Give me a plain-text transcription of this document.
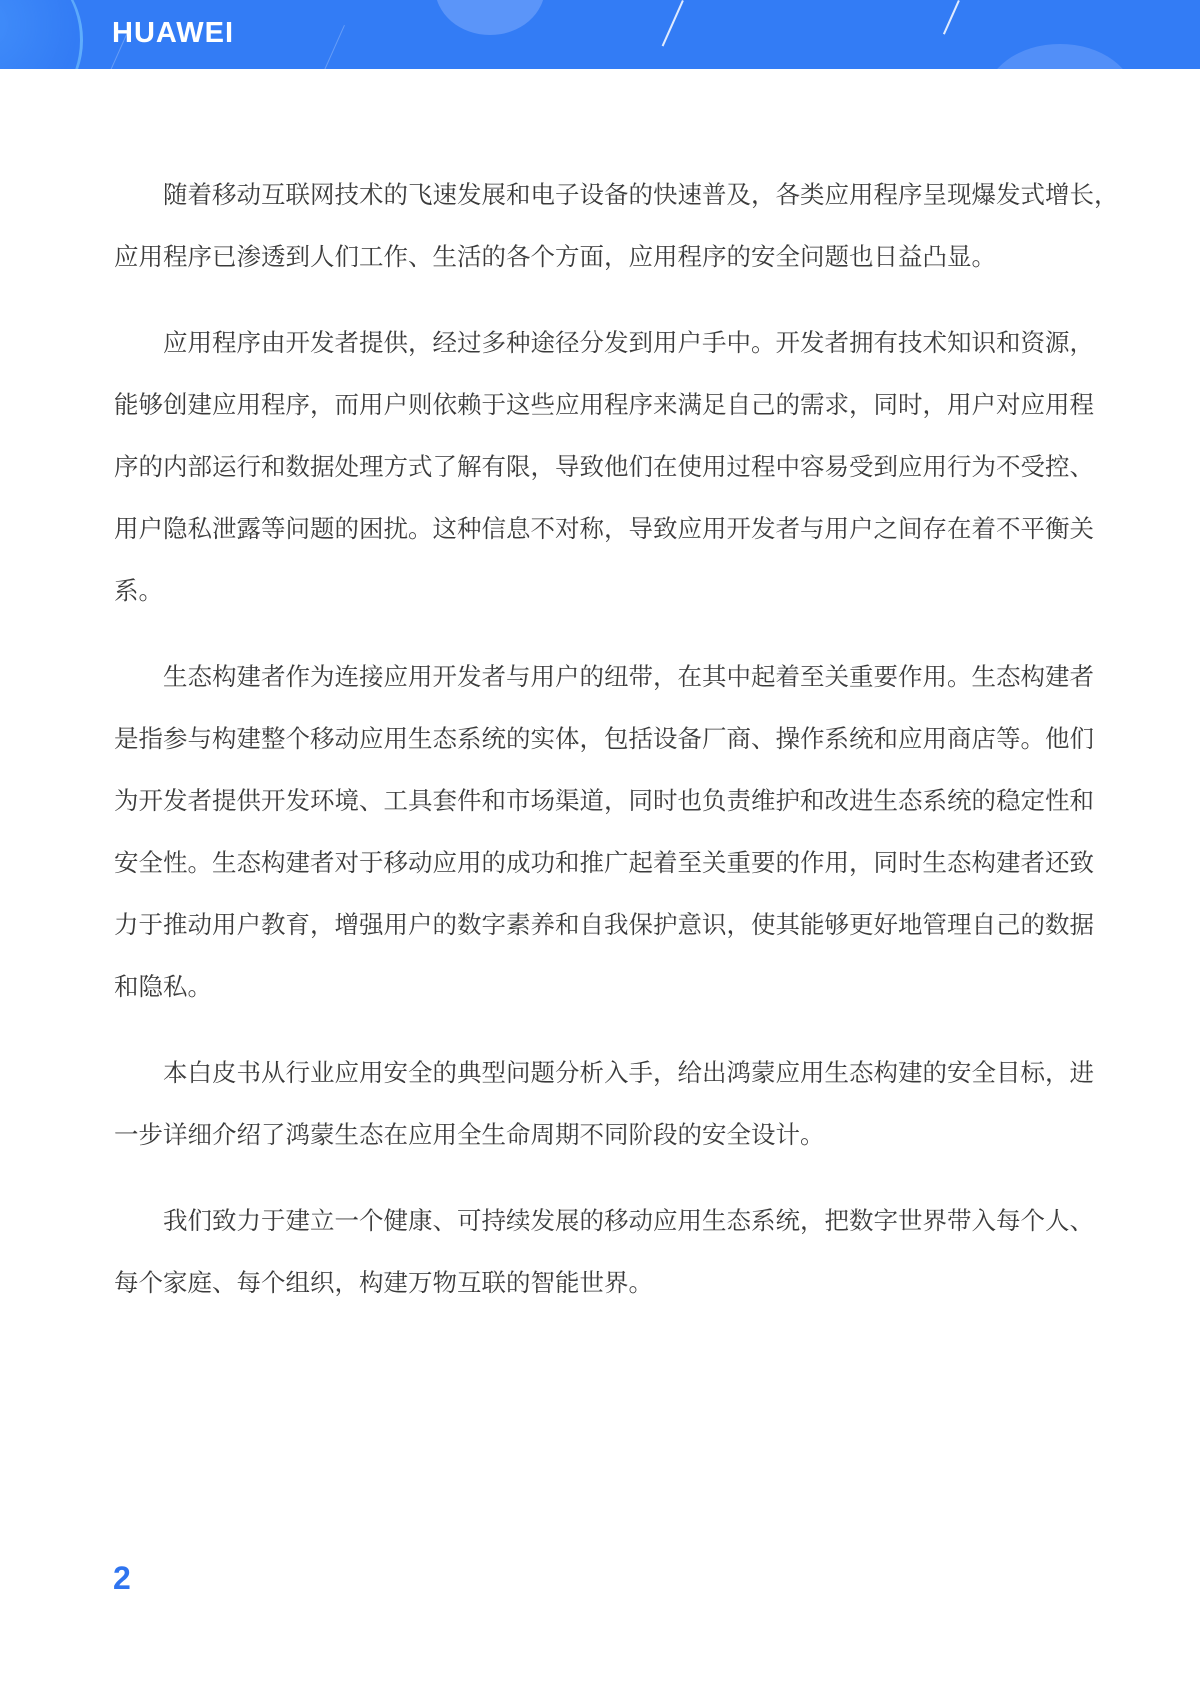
HUAWEI
随着移动互联网技术的飞速发展和电子设备的快速普及，各类应用程序呈现爆发式增长，
应用程序已渗透到人们工作、生活的各个方面，应用程序的安全问题也日益凸显。
应用程序由开发者提供，经过多种途径分发到用户手中。开发者拥有技术知识和资源，
能够创建应用程序，而用户则依赖于这些应用程序来满足自己的需求，同时，用户对应用程
序的内部运行和数据处理方式了解有限，导致他们在使用过程中容易受到应用行为不受控、
用户隐私泄露等问题的困扰。这种信息不对称，导致应用开发者与用户之间存在着不平衡关
系。
生态构建者作为连接应用开发者与用户的纽带，在其中起着至关重要作用。生态构建者
是指参与构建整个移动应用生态系统的实体，包括设备厂商、操作系统和应用商店等。他们
为开发者提供开发环境、工具套件和市场渠道，同时也负责维护和改进生态系统的稳定性和
安全性。生态构建者对于移动应用的成功和推广起着至关重要的作用，同时生态构建者还致
力于推动用户教育，增强用户的数字素养和自我保护意识，使其能够更好地管理自己的数据
和隐私。
本白皮书从行业应用安全的典型问题分析入手，给出鸿蒙应用生态构建的安全目标，进
一步详细介绍了鸿蒙生态在应用全生命周期不同阶段的安全设计。
我们致力于建立一个健康、可持续发展的移动应用生态系统，把数字世界带入每个人、
每个家庭、每个组织，构建万物互联的智能世界。
2
